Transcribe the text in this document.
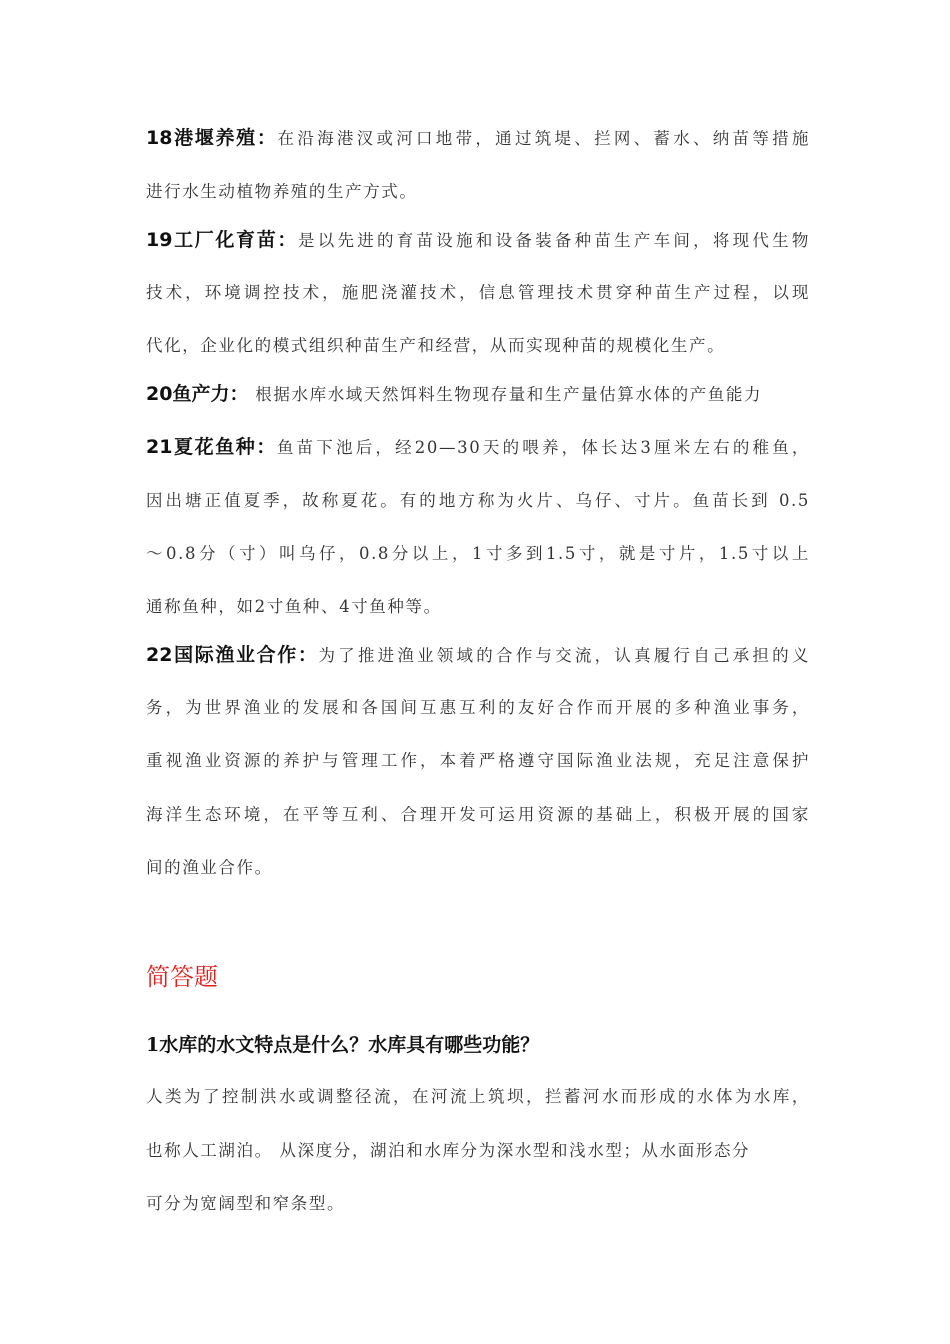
18港堰养殖：在沿海港汊或河口地带，通过筑堤、拦网、蓄水、纳苗等措施
进行水生动植物养殖的生产方式。
19工厂化育苗：是以先进的育苗设施和设备装备种苗生产车间，将现代生物
技术，环境调控技术，施肥浇灌技术，信息管理技术贯穿种苗生产过程，以现
代化，企业化的模式组织种苗生产和经营，从而实现种苗的规模化生产。
20鱼产力： 根据水库水域天然饵料生物现存量和生产量估算水体的产鱼能力
21夏花鱼种：鱼苗下池后，经20—30天的喂养，体长达3厘米左右的稚鱼，
因出塘正值夏季，故称夏花。有的地方称为火片、乌仔、寸片。鱼苗长到 0.5
～0.8分（寸）叫乌仔，0.8分以上，1寸多到1.5寸，就是寸片，1.5寸以上
通称鱼种，如2寸鱼种、4寸鱼种等。
22国际渔业合作：为了推进渔业领域的合作与交流，认真履行自己承担的义
务，为世界渔业的发展和各国间互惠互利的友好合作而开展的多种渔业事务，
重视渔业资源的养护与管理工作，本着严格遵守国际渔业法规，充足注意保护
海洋生态环境，在平等互利、合理开发可运用资源的基础上，积极开展的国家
间的渔业合作。
简答题
1水库的水文特点是什么？水库具有哪些功能？
人类为了控制洪水或调整径流，在河流上筑坝，拦蓄河水而形成的水体为水库，
也称人工湖泊。 从深度分，湖泊和水库分为深水型和浅水型；从水面形态分
可分为宽阔型和窄条型。
